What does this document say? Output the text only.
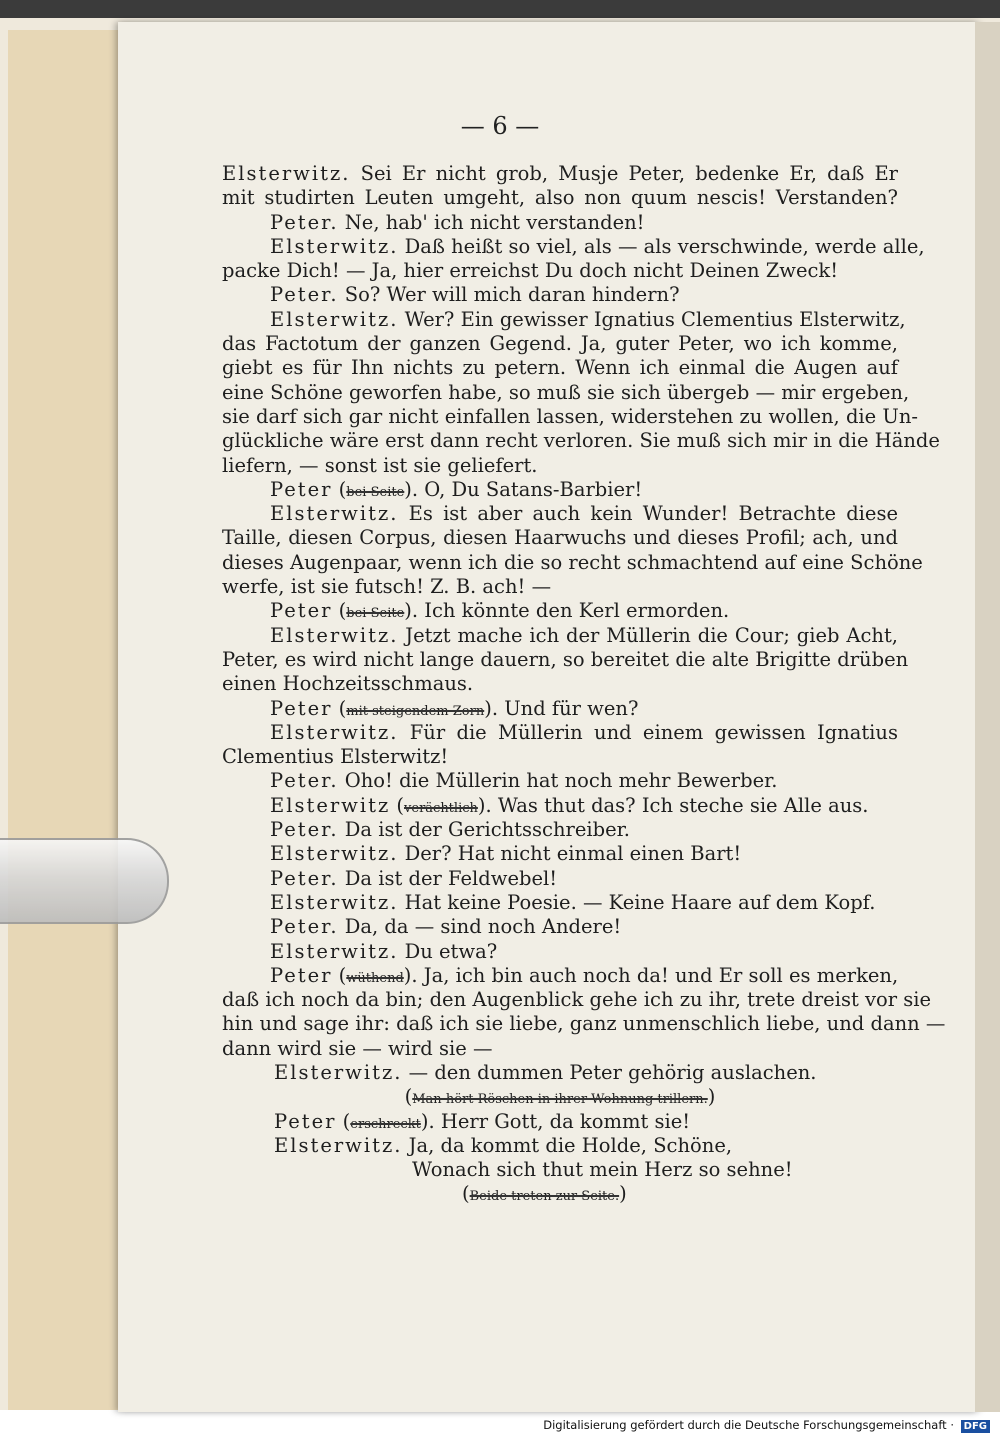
— 6 —
Elsterwitz. Sei Er nicht grob, Musje Peter, bedenke Er, daß Er
mit studirten Leuten umgeht, also non quum nescis! Verstanden?
Peter. Ne, hab' ich nicht verstanden!
Elsterwitz. Daß heißt so viel, als — als verschwinde, werde alle,
packe Dich! — Ja, hier erreichst Du doch nicht Deinen Zweck!
Peter. So? Wer will mich daran hindern?
Elsterwitz. Wer? Ein gewisser Ignatius Clementius Elsterwitz,
das Factotum der ganzen Gegend. Ja, guter Peter, wo ich komme,
giebt es für Ihn nichts zu petern. Wenn ich einmal die Augen auf
eine Schöne geworfen habe, so muß sie sich übergeb — mir ergeben,
sie darf sich gar nicht einfallen lassen, widerstehen zu wollen, die Un-
glückliche wäre erst dann recht verloren. Sie muß sich mir in die Hände
liefern, — sonst ist sie geliefert.
Peter (bei Seite). O, Du Satans-Barbier!
Elsterwitz. Es ist aber auch kein Wunder! Betrachte diese
Taille, diesen Corpus, diesen Haarwuchs und dieses Profil; ach, und
dieses Augenpaar, wenn ich die so recht schmachtend auf eine Schöne
werfe, ist sie futsch! Z. B. ach! —
Peter (bei Seite). Ich könnte den Kerl ermorden.
Elsterwitz. Jetzt mache ich der Müllerin die Cour; gieb Acht,
Peter, es wird nicht lange dauern, so bereitet die alte Brigitte drüben
einen Hochzeitsschmaus.
Peter (mit steigendem Zorn). Und für wen?
Elsterwitz. Für die Müllerin und einem gewissen Ignatius
Clementius Elsterwitz!
Peter. Oho! die Müllerin hat noch mehr Bewerber.
Elsterwitz (verächtlich). Was thut das? Ich steche sie Alle aus.
Peter. Da ist der Gerichtsschreiber.
Elsterwitz. Der? Hat nicht einmal einen Bart!
Peter. Da ist der Feldwebel!
Elsterwitz. Hat keine Poesie. — Keine Haare auf dem Kopf.
Peter. Da, da — sind noch Andere!
Elsterwitz. Du etwa?
Peter (wüthend). Ja, ich bin auch noch da! und Er soll es merken,
daß ich noch da bin; den Augenblick gehe ich zu ihr, trete dreist vor sie
hin und sage ihr: daß ich sie liebe, ganz unmenschlich liebe, und dann —
dann wird sie — wird sie —
Elsterwitz. — den dummen Peter gehörig auslachen.
(Man hört Röschen in ihrer Wohnung trillern.)
Peter (erschreckt). Herr Gott, da kommt sie!
Elsterwitz. Ja, da kommt die Holde, Schöne,
Wonach sich thut mein Herz so sehne!
(Beide treten zur Seite.)
Digitalisierung gefördert durch die Deutsche Forschungsgemeinschaft · DFG
